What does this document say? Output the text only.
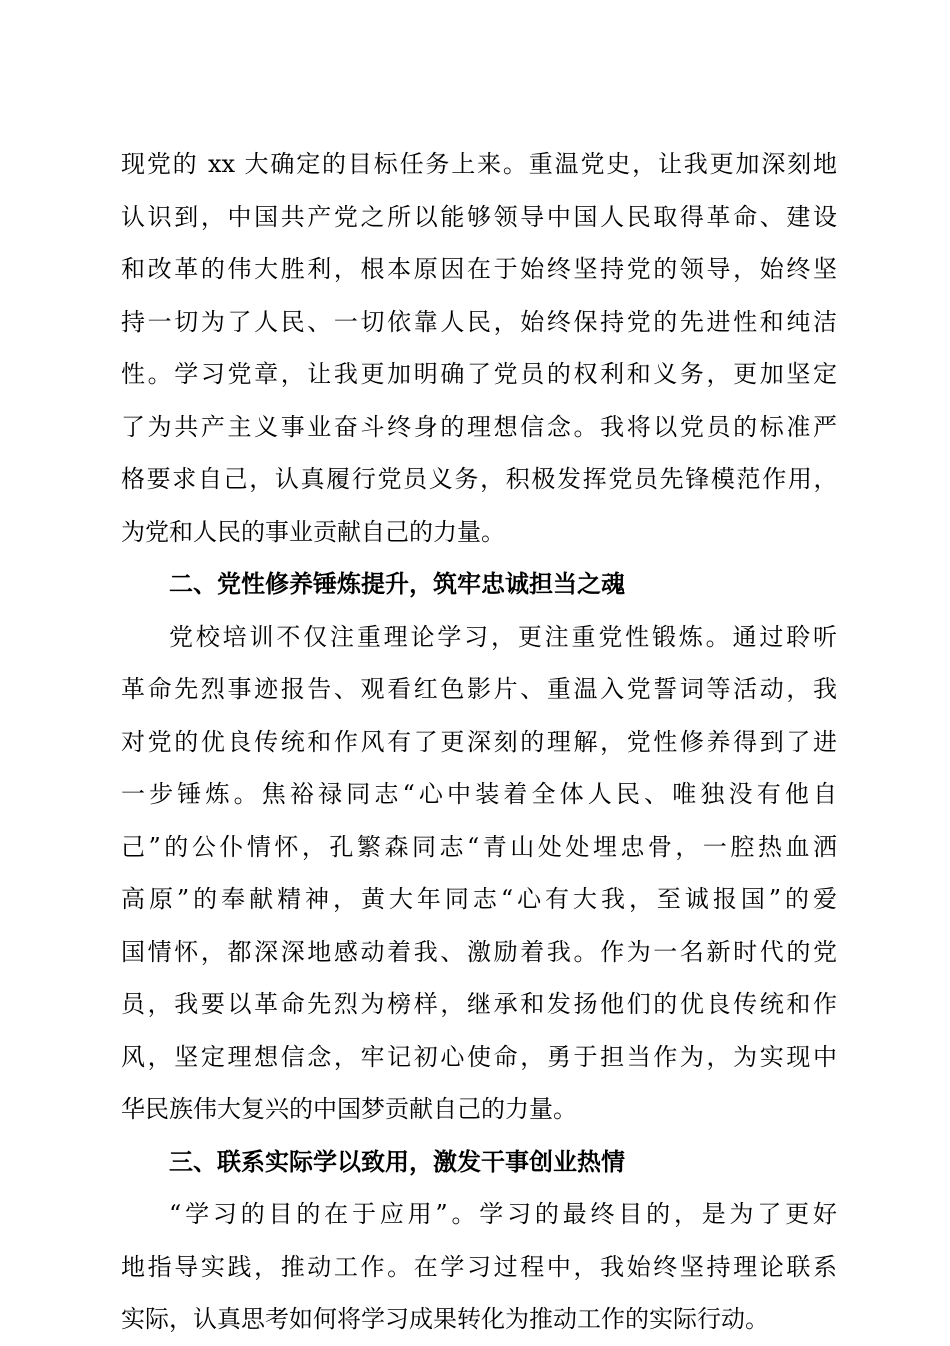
现党的 xx 大确定的目标任务上来。重温党史，让我更加深刻地
认识到，中国共产党之所以能够领导中国人民取得革命、建设
和改革的伟大胜利，根本原因在于始终坚持党的领导，始终坚
持一切为了人民、一切依靠人民，始终保持党的先进性和纯洁
性。学习党章，让我更加明确了党员的权利和义务，更加坚定
了为共产主义事业奋斗终身的理想信念。我将以党员的标准严
格要求自己，认真履行党员义务，积极发挥党员先锋模范作用，
为党和人民的事业贡献自己的力量。
二、党性修养锤炼提升，筑牢忠诚担当之魂
党校培训不仅注重理论学习，更注重党性锻炼。通过聆听
革命先烈事迹报告、观看红色影片、重温入党誓词等活动，我
对党的优良传统和作风有了更深刻的理解，党性修养得到了进
一步锤炼。焦裕禄同志“心中装着全体人民、唯独没有他自
己”的公仆情怀，孔繁森同志“青山处处埋忠骨，一腔热血洒
高原”的奉献精神，黄大年同志“心有大我，至诚报国”的爱
国情怀，都深深地感动着我、激励着我。作为一名新时代的党
员，我要以革命先烈为榜样，继承和发扬他们的优良传统和作
风，坚定理想信念，牢记初心使命，勇于担当作为，为实现中
华民族伟大复兴的中国梦贡献自己的力量。
三、联系实际学以致用，激发干事创业热情
“学习的目的在于应用”。学习的最终目的，是为了更好
地指导实践，推动工作。在学习过程中，我始终坚持理论联系
实际，认真思考如何将学习成果转化为推动工作的实际行动。
